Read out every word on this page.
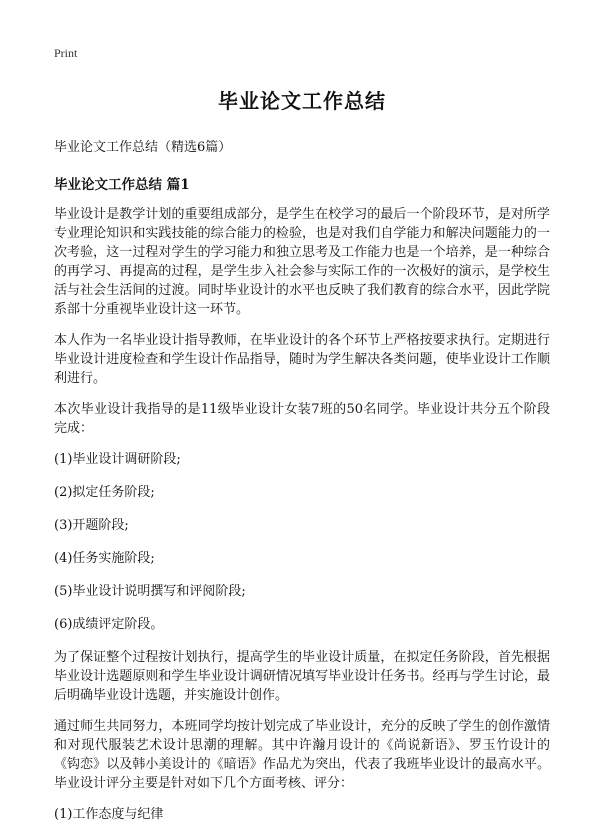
Print
毕业论文工作总结
毕业论文工作总结（精选6篇）
毕业论文工作总结 篇1

毕业设计是教学计划的重要组成部分，是学生在校学习的最后一个阶段环节，是对所学专业理论知识和实践技能的综合能力的检验，也是对我们自学能力和解决问题能力的一次考验，这一过程对学生的学习能力和独立思考及工作能力也是一个培养，是一种综合的再学习、再提高的过程，是学生步入社会参与实际工作的一次极好的演示，是学校生活与社会生活间的过渡。同时毕业设计的水平也反映了我们教育的综合水平，因此学院系部十分重视毕业设计这一环节。

本人作为一名毕业设计指导教师，在毕业设计的各个环节上严格按要求执行。定期进行毕业设计进度检查和学生设计作品指导，随时为学生解决各类问题，使毕业设计工作顺利进行。

本次毕业设计我指导的是11级毕业设计女装7班的50名同学。毕业设计共分五个阶段完成：

(1)毕业设计调研阶段;

(2)拟定任务阶段;

(3)开题阶段;

(4)任务实施阶段;

(5)毕业设计说明撰写和评阅阶段;

(6)成绩评定阶段。

为了保证整个过程按计划执行，提高学生的毕业设计质量，在拟定任务阶段，首先根据毕业设计选题原则和学生毕业设计调研情况填写毕业设计任务书。经再与学生讨论，最后明确毕业设计选题，并实施设计创作。

通过师生共同努力，本班同学均按计划完成了毕业设计，充分的反映了学生的创作激情和对现代服装艺术设计思潮的理解。其中许瀚月设计的《尚说新语》、罗玉竹设计的《钩恋》以及韩小美设计的《暗语》作品尤为突出，代表了我班毕业设计的最高水平。毕业设计评分主要是针对如下几个方面考核、评分：

(1)工作态度与纪律
